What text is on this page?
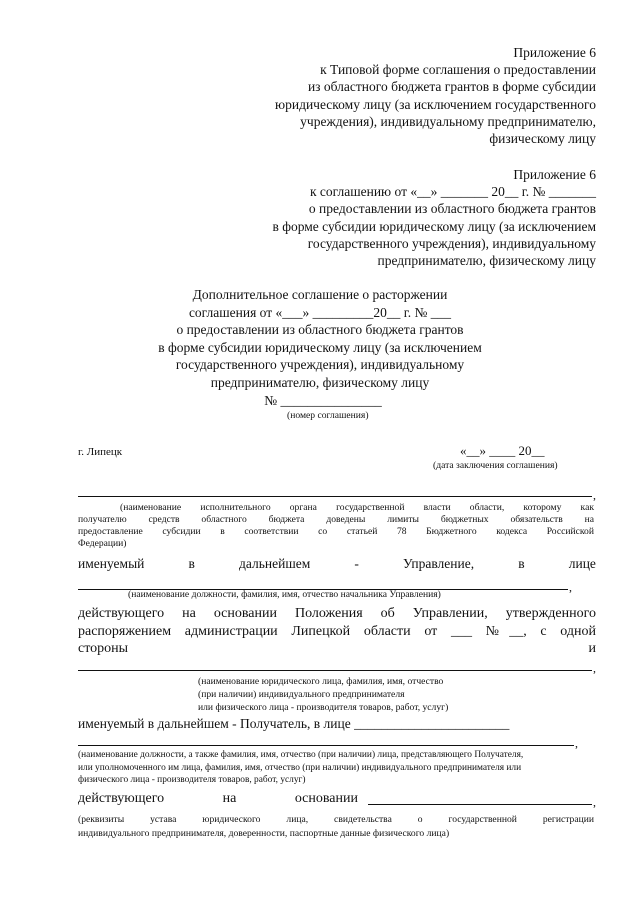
Приложение 6
к Типовой форме соглашения о предоставлении
из областного бюджета грантов в форме субсидии
юридическому лицу (за исключением государственного
учреждения), индивидуальному предпринимателю,
физическому лицу
Приложение 6
к соглашению от «__» _______ 20__ г. № _______
о предоставлении из областного бюджета грантов
в форме субсидии юридическому лицу (за исключением
государственного учреждения), индивидуальному
предпринимателю, физическому лицу
Дополнительное соглашение о расторжении
соглашения от «___» _________20__ г. № ___
о предоставлении из областного бюджета грантов
в форме субсидии юридическому лицу (за исключением
государственного учреждения), индивидуальному
предпринимателю, физическому лицу
№ _______________
(номер соглашения)
г. Липецк	«__» ____ 20__
(дата заключения соглашения)
,
(наименование исполнительного органа государственной власти области, которому как
получателю средств областного бюджета доведены лимиты бюджетных обязательств на
предоставление субсидии в соответствии со статьей 78 Бюджетного кодекса Российской
Федерации)
именуемый	в	дальнейшем	-	Управление,	в	лице
,
(наименование должности, фамилия, имя, отчество начальника Управления)
действующего на основании Положения об Управлении, утвержденного
распоряжением администрации Липецкой области от ___ №__, с одной
стороны	и
,
(наименование юридического лица, фамилия, имя, отчество
(при наличии) индивидуального предпринимателя
или физического лица - производителя товаров, работ, услуг)
именуемый в дальнейшем - Получатель, в лице _______________________
,
(наименование должности, а также фамилия, имя, отчество (при наличии) лица, представляющего Получателя,
или уполномоченного им лица, фамилия, имя, отчество (при наличии) индивидуального предпринимателя или
физического лица - производителя товаров, работ, услуг)
действующего	на	основании	,
(реквизиты устава юридического лица, свидетельства о государственной регистрации
индивидуального предпринимателя, доверенности, паспортные данные физического лица)
